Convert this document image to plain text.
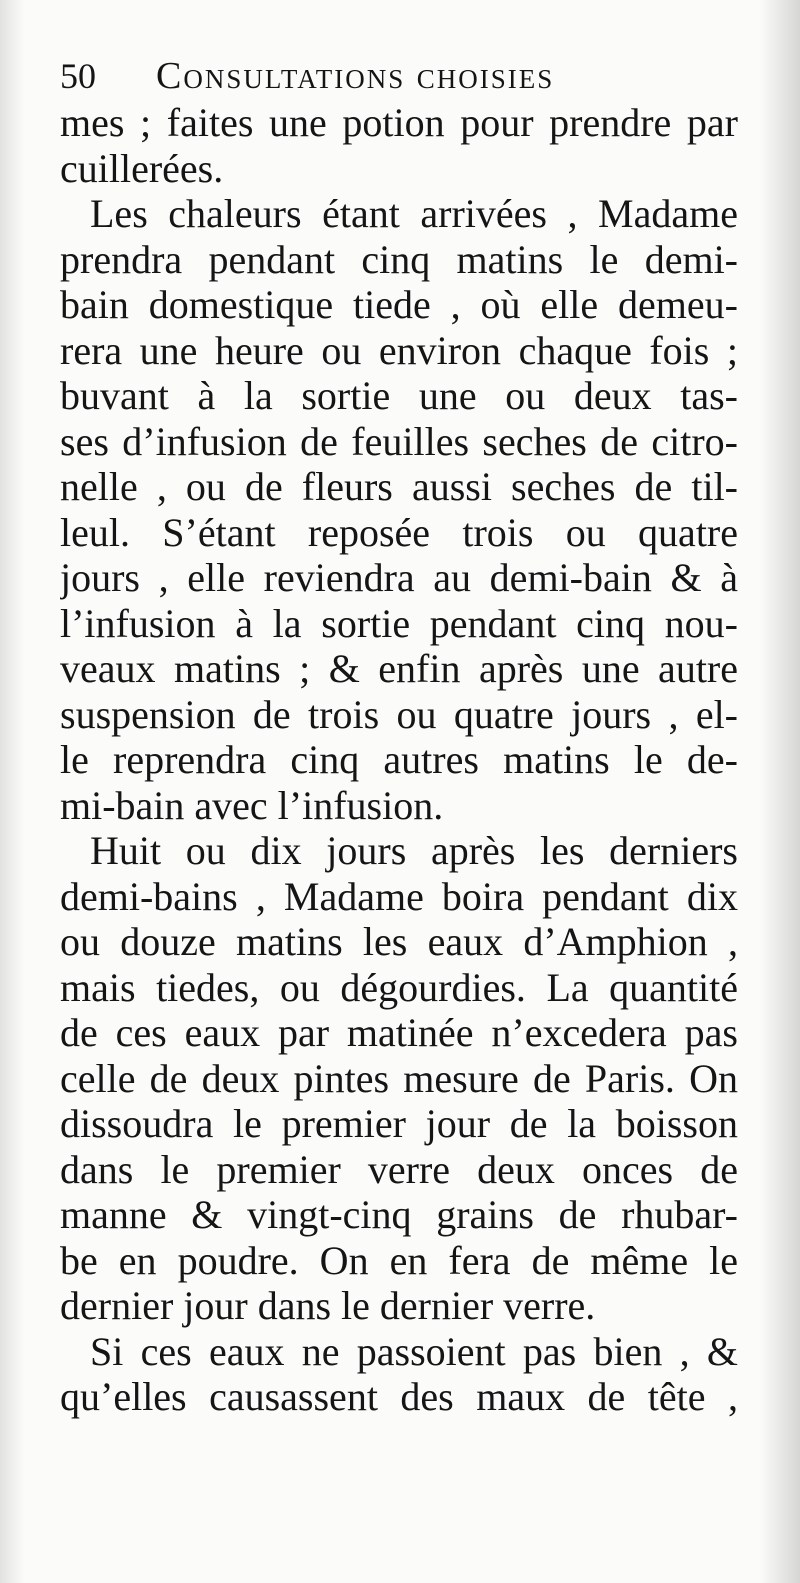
50 Consultations choisies
mes ; faites une potion pour prendre par
cuillerées.
Les chaleurs étant arrivées , Madame
prendra pendant cinq matins le demi-
bain domestique tiede , où elle demeu-
rera une heure ou environ chaque fois ;
buvant à la sortie une ou deux tas-
ses d’infusion de feuilles seches de citro-
nelle , ou de fleurs aussi seches de til-
leul. S’étant reposée trois ou quatre
jours , elle reviendra au demi-bain & à
l’infusion à la sortie pendant cinq nou-
veaux matins ; & enfin après une autre
suspension de trois ou quatre jours , el-
le reprendra cinq autres matins le de-
mi-bain avec l’infusion.
Huit ou dix jours après les derniers
demi-bains , Madame boira pendant dix
ou douze matins les eaux d’Amphion ,
mais tiedes, ou dégourdies. La quantité
de ces eaux par matinée n’excedera pas
celle de deux pintes mesure de Paris. On
dissoudra le premier jour de la boisson
dans le premier verre deux onces de
manne & vingt-cinq grains de rhubar-
be en poudre. On en fera de même le
dernier jour dans le dernier verre.
Si ces eaux ne passoient pas bien , &
qu’elles causassent des maux de tête ,
